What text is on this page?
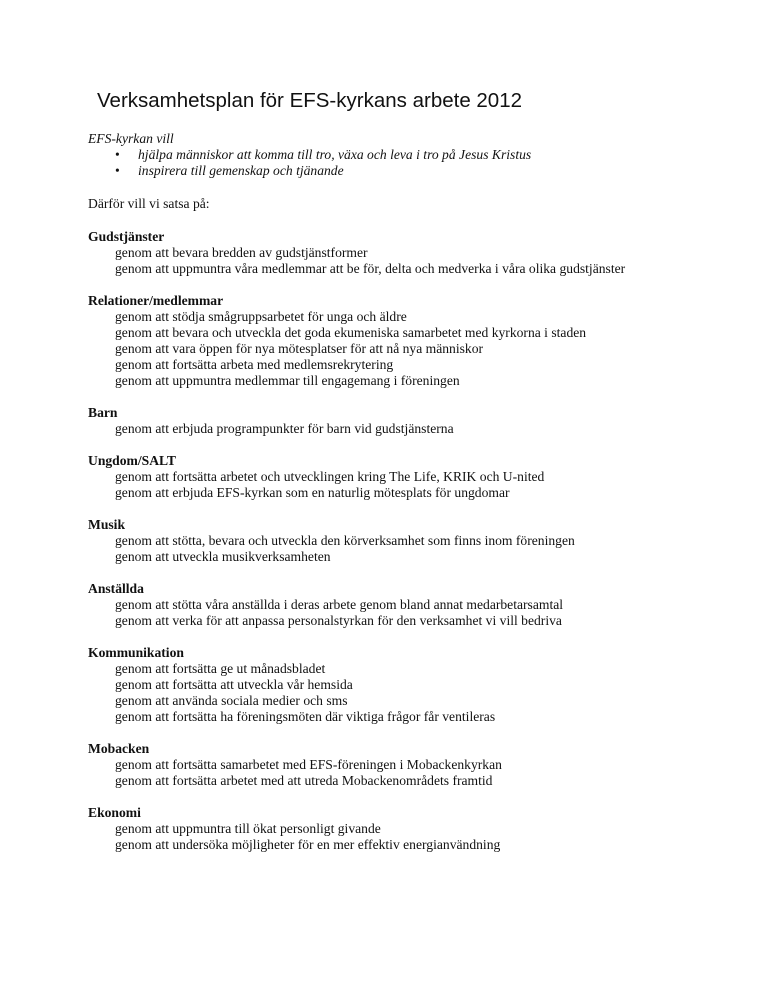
Verksamhetsplan för EFS-kyrkans arbete 2012

EFS-kyrkan vill

• hjälpa människor att komma till tro, växa och leva i tro på Jesus Kristus
• inspirera till gemenskap och tjänande

Därför vill vi satsa på:

Gudstjänster

genom att bevara bredden av gudstjänstformer
genom att uppmuntra våra medlemmar att be för, delta och medverka i våra olika gudstjänster

Relationer/medlemmar

genom att stödja smågruppsarbetet för unga och äldre
genom att bevara och utveckla det goda ekumeniska samarbetet med kyrkorna i staden
genom att vara öppen för nya mötesplatser för att nå nya människor
genom att fortsätta arbeta med medlemsrekrytering
genom att uppmuntra medlemmar till engagemang i föreningen

Barn

genom att erbjuda programpunkter för barn vid gudstjänsterna

Ungdom/SALT

genom att fortsätta arbetet och utvecklingen kring The Life, KRIK och U-nited
genom att erbjuda EFS-kyrkan som en naturlig mötesplats för ungdomar

Musik

genom att stötta, bevara och utveckla den körverksamhet som finns inom föreningen
genom att utveckla musikverksamheten

Anställda

genom att stötta våra anställda i deras arbete genom bland annat medarbetarsamtal
genom att verka för att anpassa personalstyrkan för den verksamhet vi vill bedriva

Kommunikation

genom att fortsätta ge ut månadsbladet
genom att fortsätta att utveckla vår hemsida
genom att använda sociala medier och sms
genom att fortsätta ha föreningsmöten där viktiga frågor får ventileras

Mobacken

genom att fortsätta samarbetet med EFS-föreningen i Mobackenkyrkan
genom att fortsätta arbetet med att utreda Mobackenområdets framtid

Ekonomi

genom att uppmuntra till ökat personligt givande
genom att undersöka möjligheter för en mer effektiv energianvändning
